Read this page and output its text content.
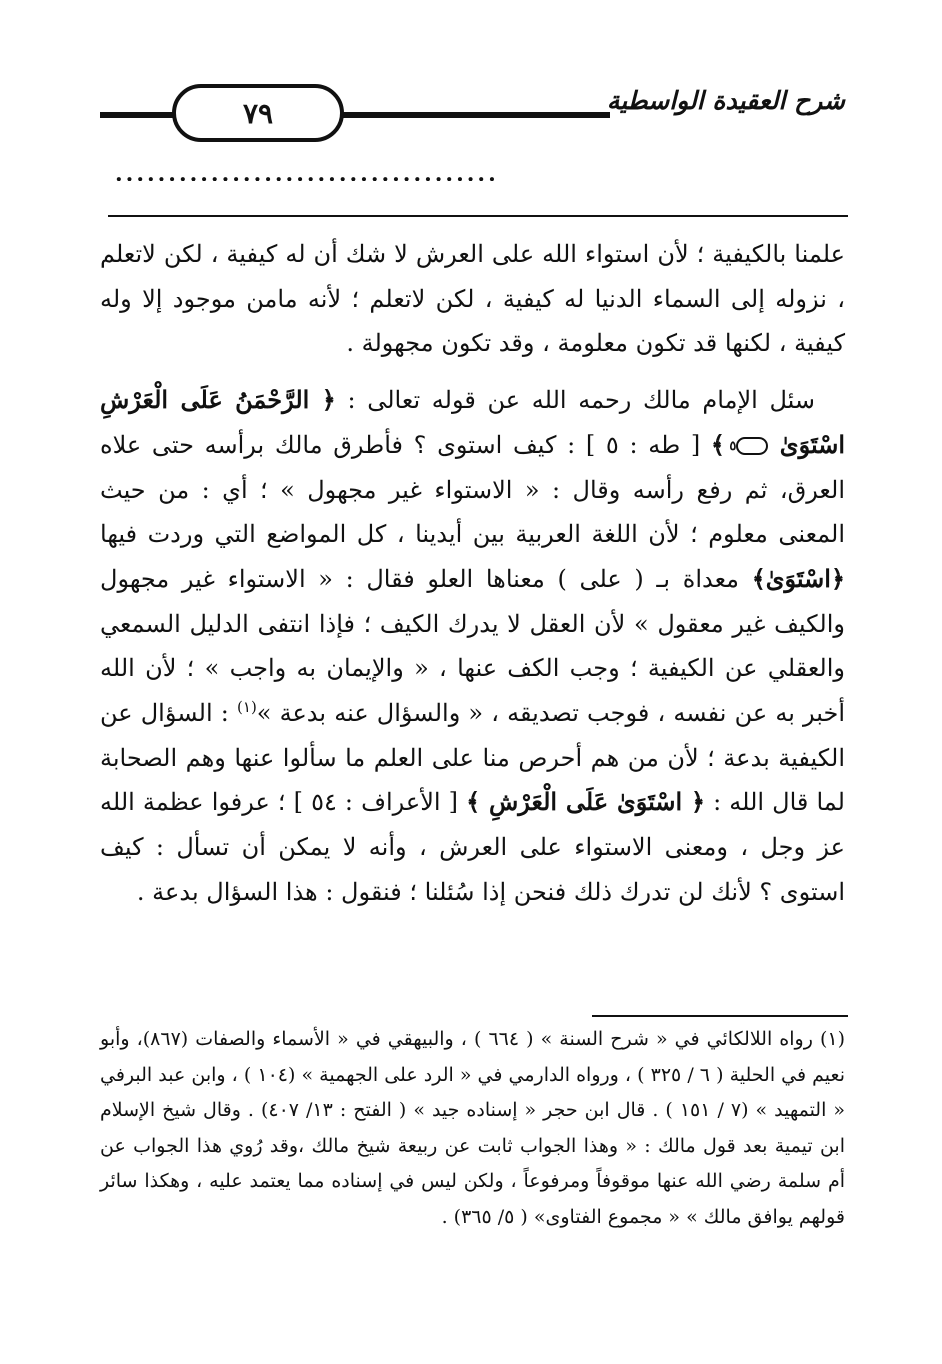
٧٩	شرح العقيدة الواسطية
....................................

علمنا بالكيفية ؛ لأن استواء الله على العرش لا شك أن له كيفية ، لكن لاتعلم ، نزوله إلى السماء الدنيا له كيفية ، لكن لاتعلم ؛ لأنه مامن موجود إلا وله كيفية ، لكنها قد تكون معلومة ، وقد تكون مجهولة .

سئل الإمام مالك رحمه الله عن قوله تعالى : ﴿ الرَّحْمَنُ عَلَى الْعَرْشِ اسْتَوَىٰ ٥ ﴾ [ طه : ٥ ] : كيف استوى ؟ فأطرق مالك برأسه حتى علاه العرق، ثم رفع رأسه وقال : « الاستواء غير مجهول » ؛ أي : من حيث المعنى معلوم ؛ لأن اللغة العربية بين أيدينا ، كل المواضع التي وردت فيها ﴿اسْتَوَىٰ﴾ معداة بـ ( على ) معناها العلو فقال : « الاستواء غير مجهول والكيف غير معقول » لأن العقل لا يدرك الكيف ؛ فإذا انتفى الدليل السمعي والعقلي عن الكيفية ؛ وجب الكف عنها ، « والإيمان به واجب » ؛ لأن الله أخبر به عن نفسه ، فوجب تصديقه ، « والسؤال عنه بدعة »$^{(١)}$ : السؤال عن الكيفية بدعة ؛ لأن من هم أحرص منا على العلم ما سألوا عنها وهم الصحابة لما قال الله : ﴿ اسْتَوَىٰ عَلَى الْعَرْشِ ﴾ [ الأعراف : ٥٤ ] ؛ عرفوا عظمة الله عز وجل ، ومعنى الاستواء على العرش ، وأنه لا يمكن أن تسأل : كيف استوى ؟ لأنك لن تدرك ذلك فنحن إذا سُئلنا ؛ فنقول : هذا السؤال بدعة .

(١) رواه اللالكائي في « شرح السنة » ( ٦٦٤ ) ، والبيهقي في « الأسماء والصفات (٨٦٧)، وأبو نعيم في الحلية ( ٦ / ٣٢٥ ) ، ورواه الدارمي في « الرد على الجهمية » (١٠٤ ) ، وابن عبد البرفي « التمهيد » (٧ / ١٥١ ) . قال ابن حجر « إسناده جيد » ( الفتح : ١٣/ ٤٠٧) . وقال شيخ الإسلام ابن تيمية بعد قول مالك : « وهذا الجواب ثابت عن ربيعة شيخ مالك ،وقد رُوي هذا الجواب عن أم سلمة رضي الله عنها موقوفاً ومرفوعاً ، ولكن ليس في إسناده مما يعتمد عليه ، وهكذا سائر قولهم يوافق مالك » « مجموع الفتاوى» ( ٥/ ٣٦٥) .
